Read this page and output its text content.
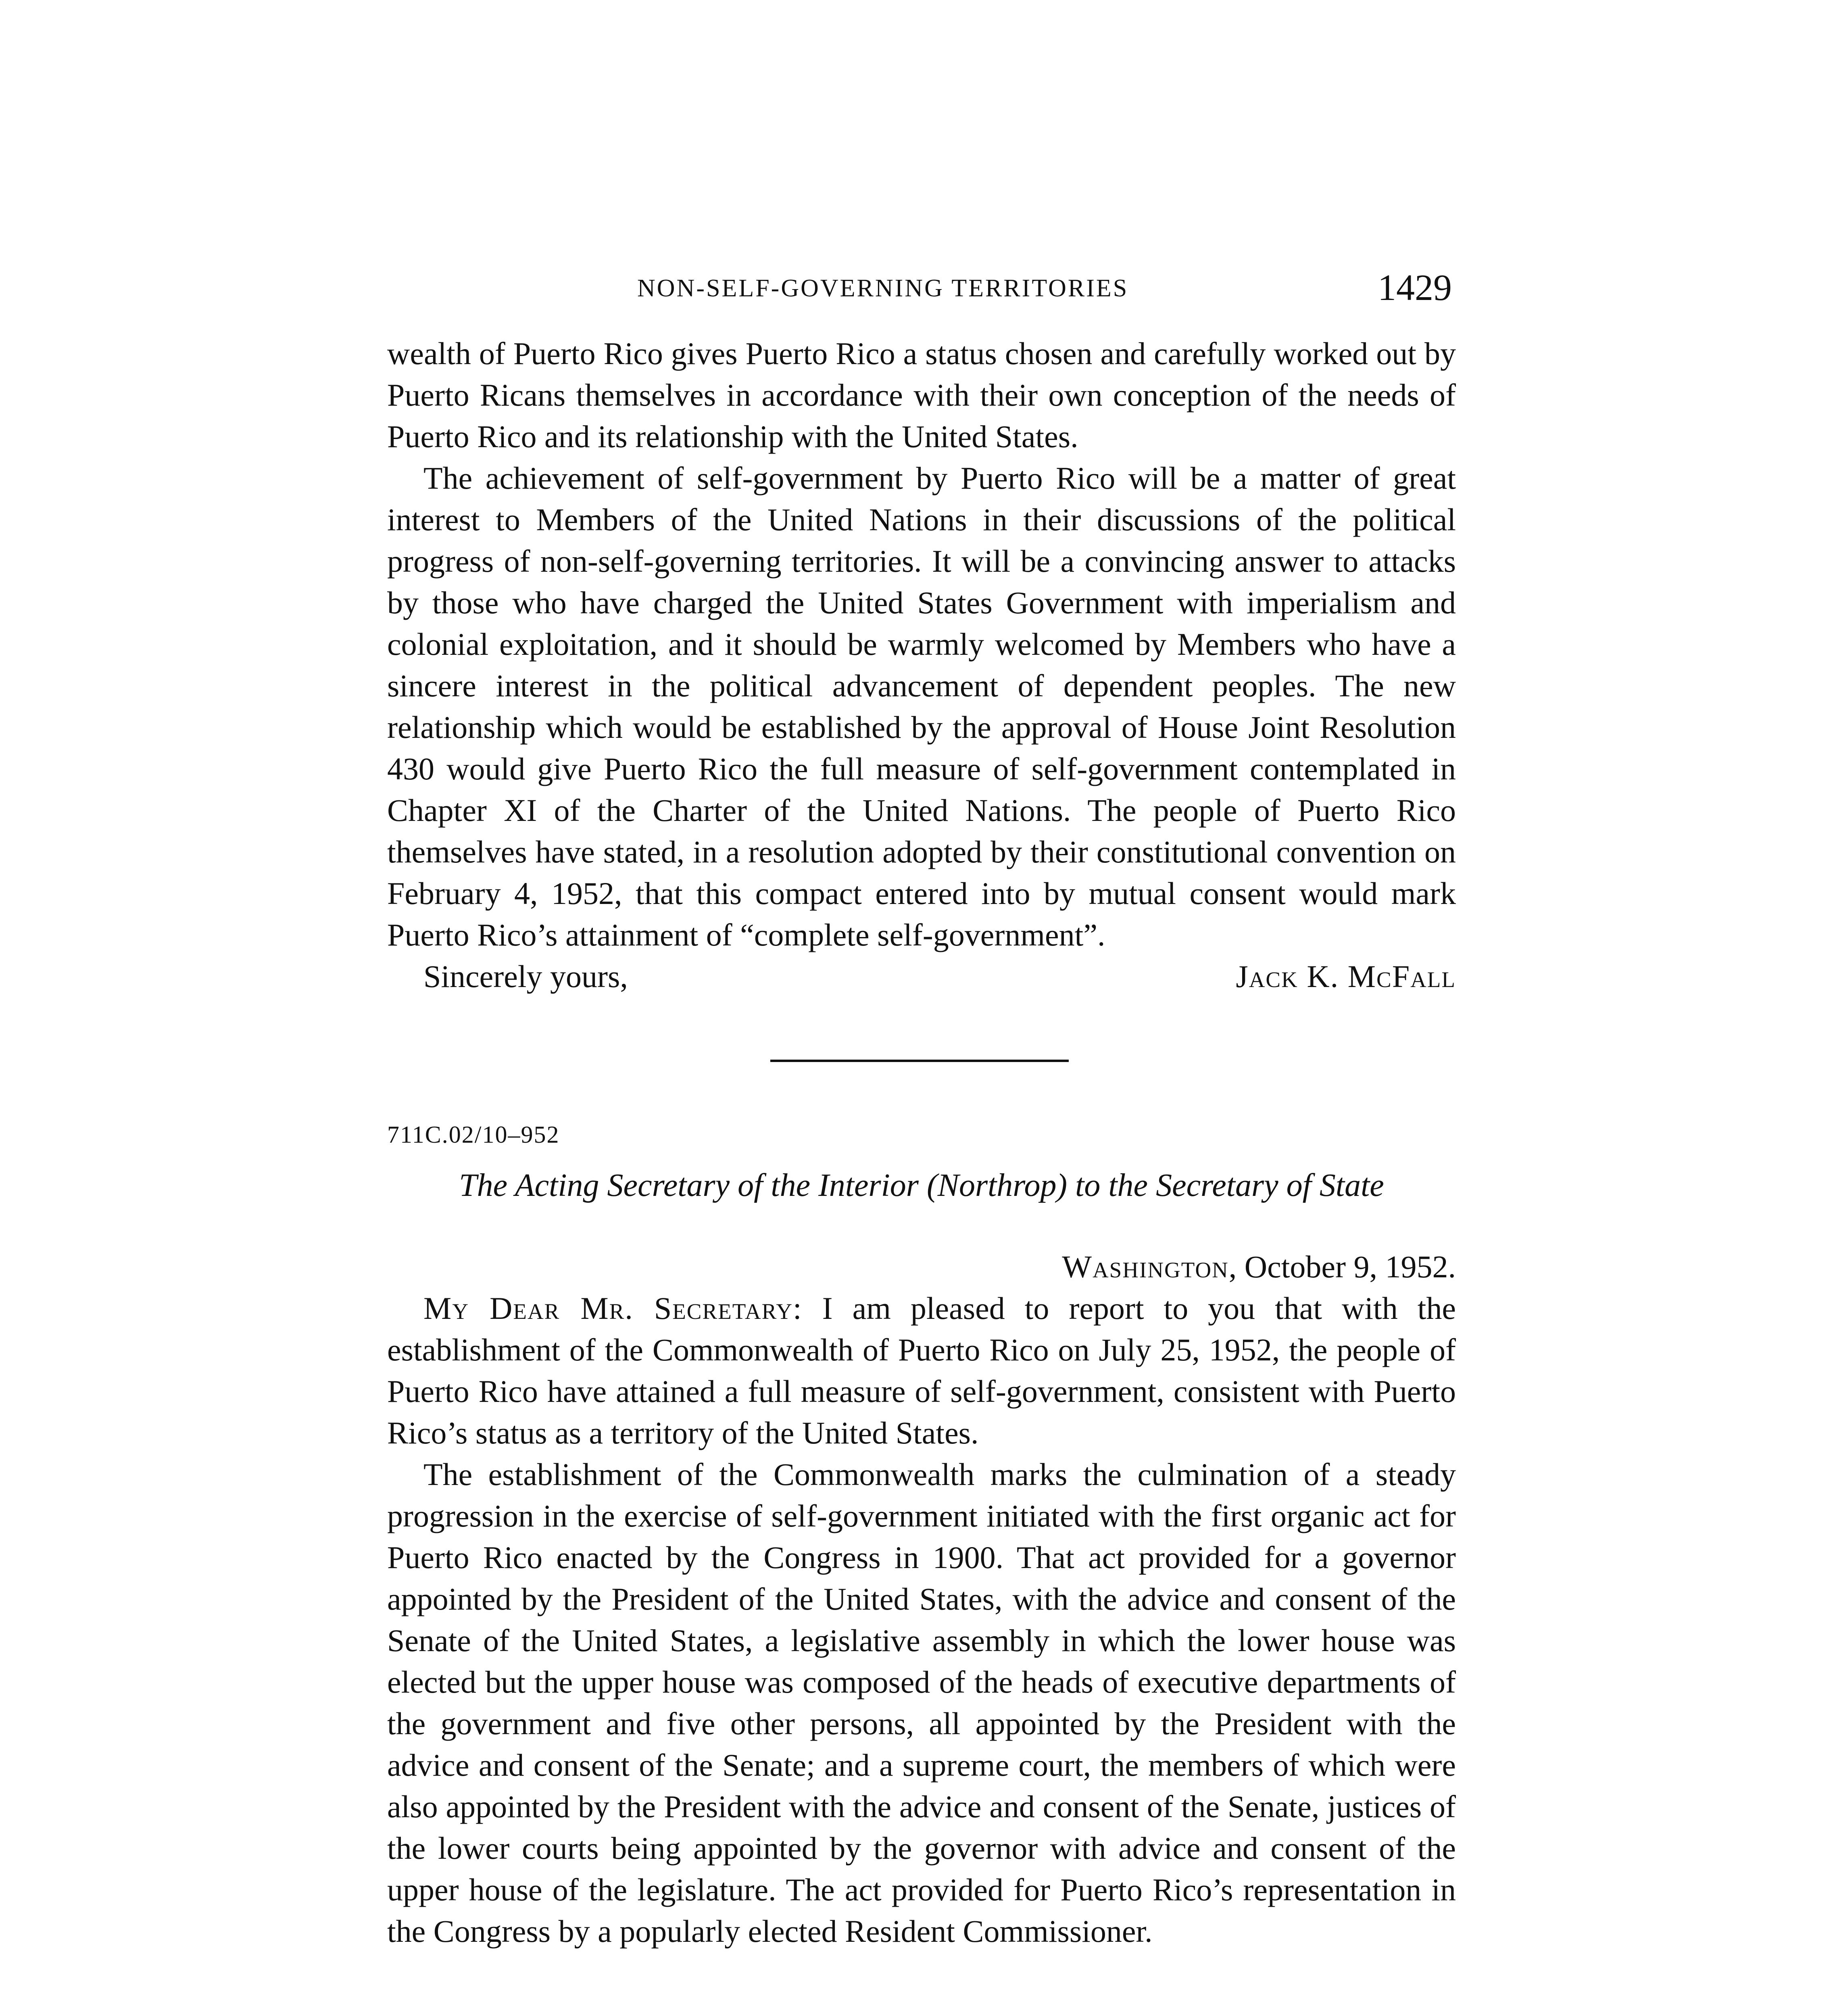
NON-SELF-GOVERNING TERRITORIES	1429

wealth of Puerto Rico gives Puerto Rico a status chosen and carefully worked out by Puerto Ricans themselves in accordance with their own conception of the needs of Puerto Rico and its relationship with the United States.

The achievement of self-government by Puerto Rico will be a matter of great interest to Members of the United Nations in their discussions of the political progress of non-self-governing territories. It will be a convincing answer to attacks by those who have charged the United States Government with imperialism and colonial exploitation, and it should be warmly welcomed by Members who have a sincere interest in the political advancement of dependent peoples. The new relationship which would be established by the approval of House Joint Resolution 430 would give Puerto Rico the full measure of self-government contemplated in Chapter XI of the Charter of the United Nations. The people of Puerto Rico themselves have stated, in a resolution adopted by their constitutional convention on February 4, 1952, that this compact entered into by mutual consent would mark Puerto Rico’s attainment of “complete self-government”.

Sincerely yours,	Jack K. McFall
711C.02/10–952
The Acting Secretary of the Interior (Northrop) to the Secretary of State
Washington, October 9, 1952.

My Dear Mr. Secretary: I am pleased to report to you that with the establishment of the Commonwealth of Puerto Rico on July 25, 1952, the people of Puerto Rico have attained a full measure of self-government, consistent with Puerto Rico’s status as a territory of the United States.

The establishment of the Commonwealth marks the culmination of a steady progression in the exercise of self-government initiated with the first organic act for Puerto Rico enacted by the Congress in 1900. That act provided for a governor appointed by the President of the United States, with the advice and consent of the Senate of the United States, a legislative assembly in which the lower house was elected but the upper house was composed of the heads of executive departments of the government and five other persons, all appointed by the President with the advice and consent of the Senate; and a supreme court, the members of which were also appointed by the President with the advice and consent of the Senate, justices of the lower courts being appointed by the governor with advice and consent of the upper house of the legislature. The act provided for Puerto Rico’s representation in the Congress by a popularly elected Resident Commissioner.
